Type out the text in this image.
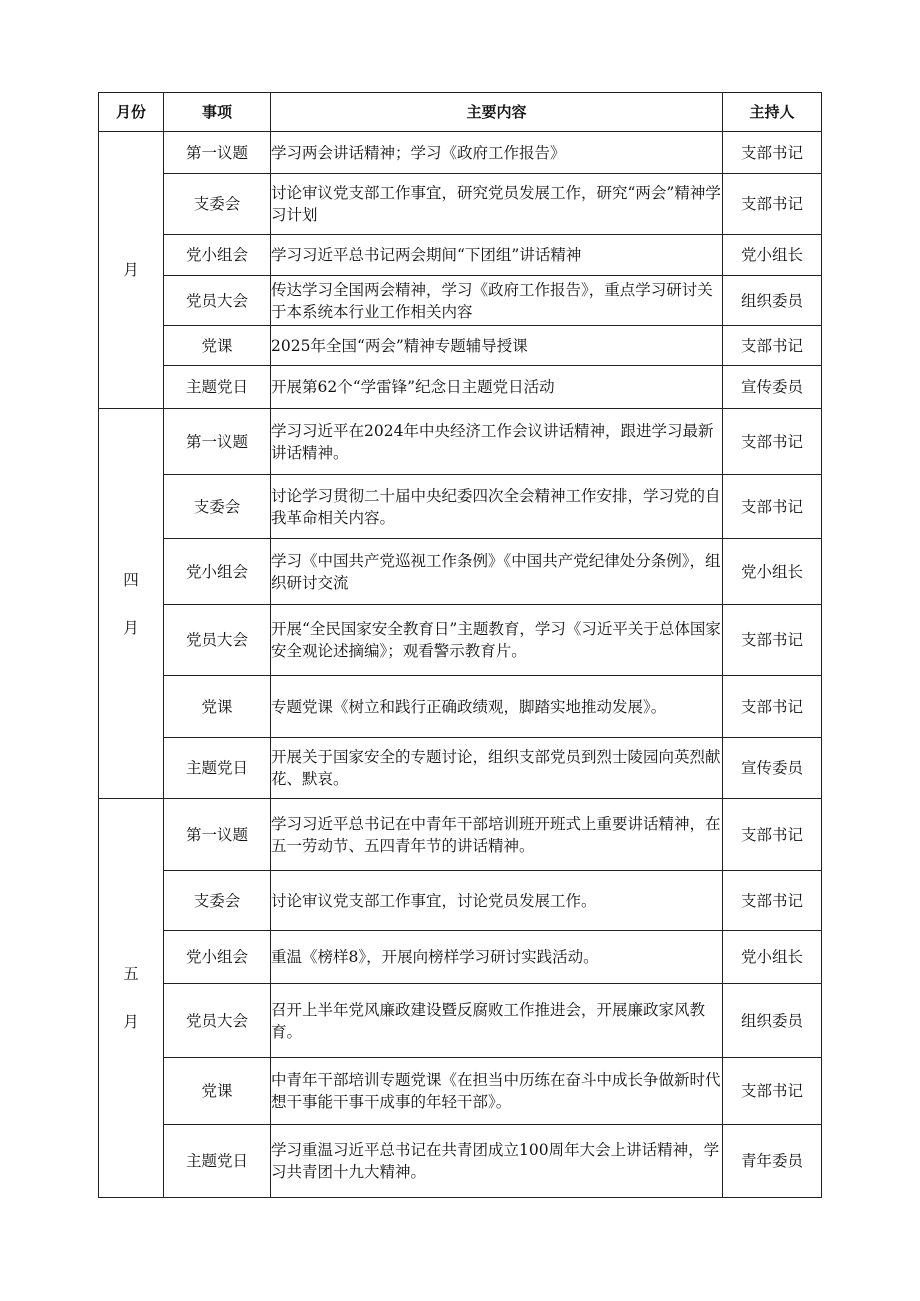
月份	事项	主要内容	主持人

月	第一议题	学习两会讲话精神；学习《政府工作报告》	支部书记
	支委会	讨论审议党支部工作事宜，研究党员发展工作，研究“两会”精神学习计划	支部书记
	党小组会	学习习近平总书记两会期间“下团组”讲话精神	党小组长
	党员大会	传达学习全国两会精神，学习《政府工作报告》，重点学习研讨关于本系统本行业工作相关内容	组织委员
	党课	2025年全国“两会”精神专题辅导授课	支部书记
	主题党日	开展第62个“学雷锋”纪念日主题党日活动	宣传委员

四
月	第一议题	学习习近平在2024年中央经济工作会议讲话精神，跟进学习最新讲话精神。	支部书记
	支委会	讨论学习贯彻二十届中央纪委四次全会精神工作安排，学习党的自我革命相关内容。	支部书记
	党小组会	学习《中国共产党巡视工作条例》《中国共产党纪律处分条例》，组织研讨交流	党小组长
	党员大会	开展“全民国家安全教育日”主题教育，学习《习近平关于总体国家安全观论述摘编》；观看警示教育片。	支部书记
	党课	专题党课《树立和践行正确政绩观，脚踏实地推动发展》。	支部书记
	主题党日	开展关于国家安全的专题讨论，组织支部党员到烈士陵园向英烈献花、默哀。	宣传委员

五
月	第一议题	学习习近平总书记在中青年干部培训班开班式上重要讲话精神，在五一劳动节、五四青年节的讲话精神。	支部书记
	支委会	讨论审议党支部工作事宜，讨论党员发展工作。	支部书记
	党小组会	重温《榜样8》，开展向榜样学习研讨实践活动。	党小组长
	党员大会	召开上半年党风廉政建设暨反腐败工作推进会，开展廉政家风教育。	组织委员
	党课	中青年干部培训专题党课《在担当中历练在奋斗中成长争做新时代想干事能干事干成事的年轻干部》。	支部书记
	主题党日	学习重温习近平总书记在共青团成立100周年大会上讲话精神，学习共青团十九大精神。	青年委员
